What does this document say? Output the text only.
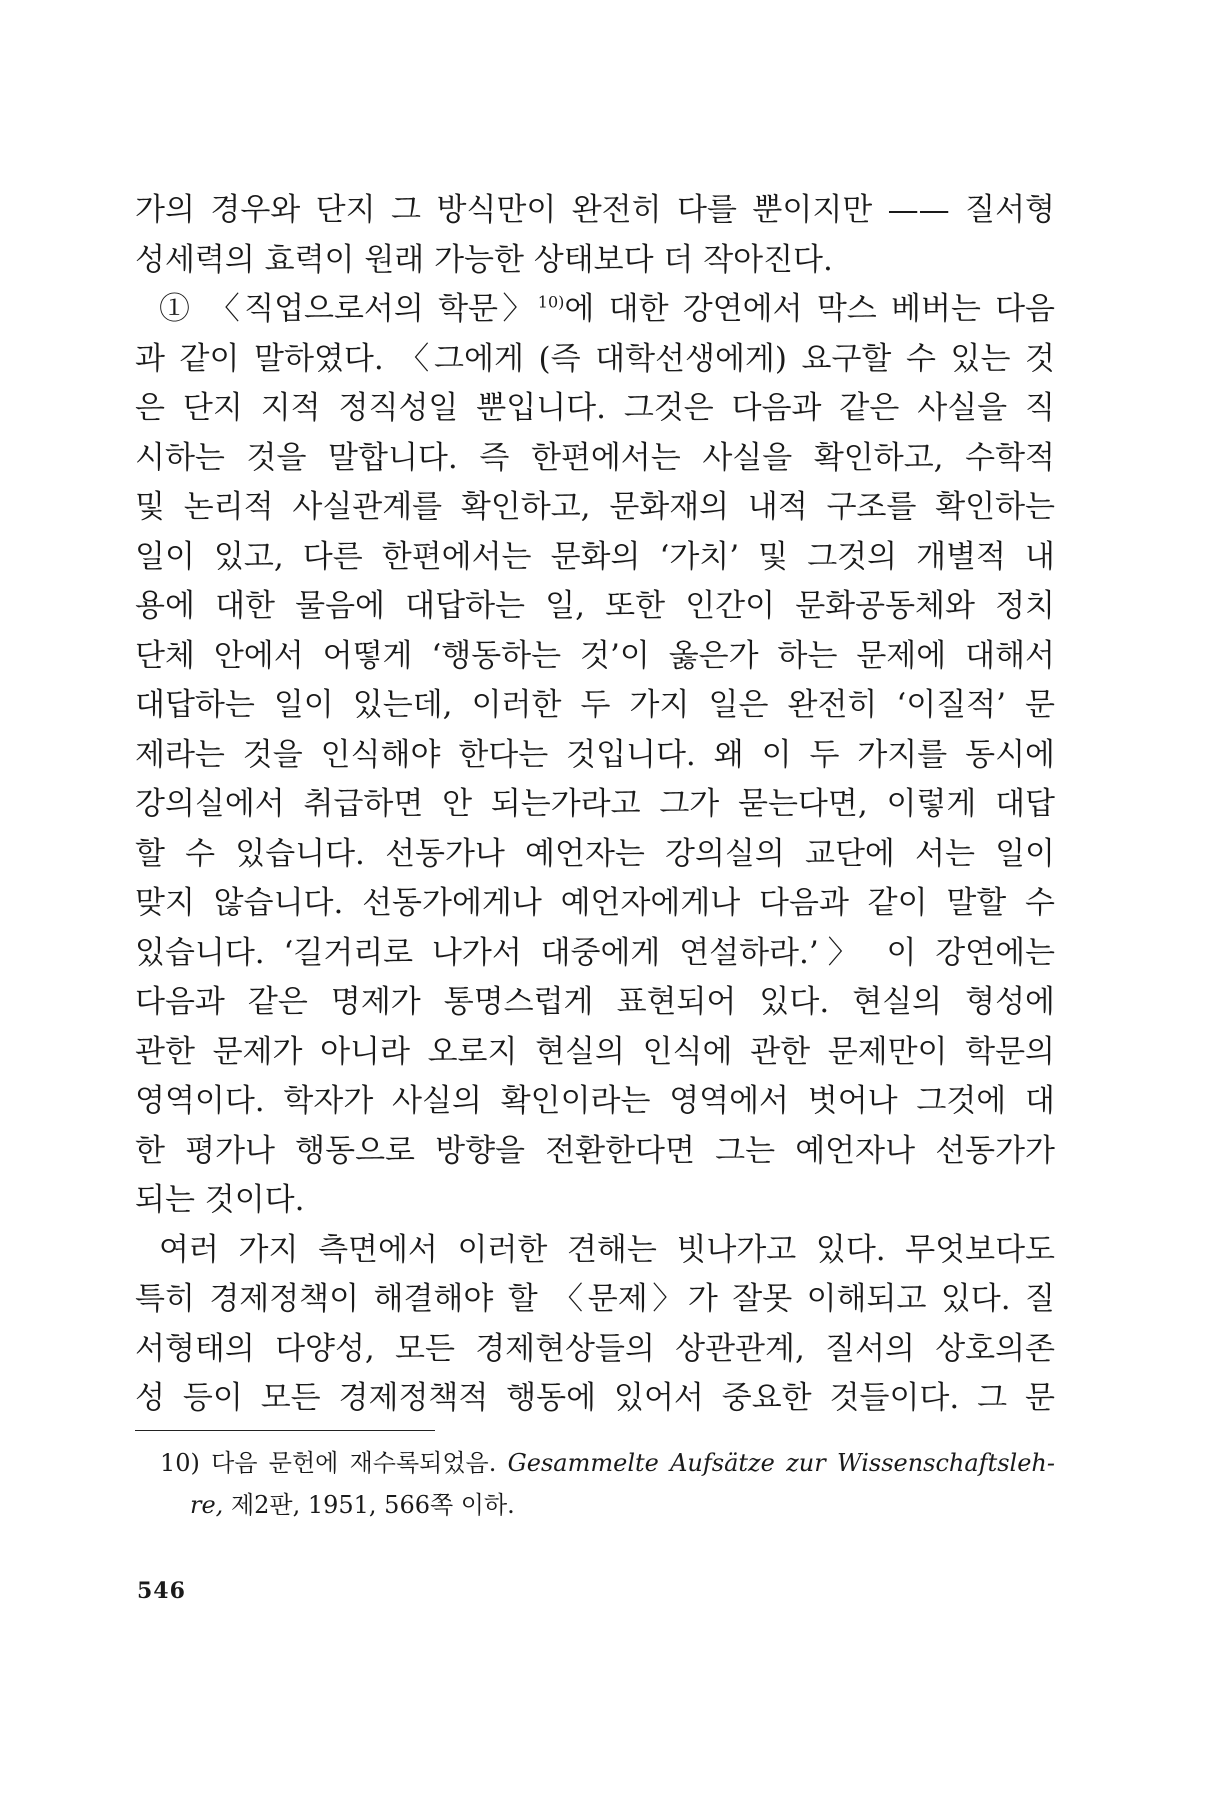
가의 경우와 단지 그 방식만이 완전히 다를 뿐이지만 —— 질서형
성세력의 효력이 원래 가능한 상태보다 더 작아진다.
① 〈직업으로서의 학문〉$^{10)}$에 대한 강연에서 막스 베버는 다음
과 같이 말하였다. 〈그에게 (즉 대학선생에게) 요구할 수 있는 것
은 단지 지적 정직성일 뿐입니다. 그것은 다음과 같은 사실을 직
시하는 것을 말합니다. 즉 한편에서는 사실을 확인하고, 수학적
및 논리적 사실관계를 확인하고, 문화재의 내적 구조를 확인하는
일이 있고, 다른 한편에서는 문화의 ‘가치’ 및 그것의 개별적 내
용에 대한 물음에 대답하는 일, 또한 인간이 문화공동체와 정치
단체 안에서 어떻게 ‘행동하는 것’이 옳은가 하는 문제에 대해서
대답하는 일이 있는데, 이러한 두 가지 일은 완전히 ‘이질적’ 문
제라는 것을 인식해야 한다는 것입니다. 왜 이 두 가지를 동시에
강의실에서 취급하면 안 되는가라고 그가 묻는다면, 이렇게 대답
할 수 있습니다. 선동가나 예언자는 강의실의 교단에 서는 일이
맞지 않습니다. 선동가에게나 예언자에게나 다음과 같이 말할 수
있습니다. ‘길거리로 나가서 대중에게 연설하라.’〉 이 강연에는
다음과 같은 명제가 통명스럽게 표현되어 있다. 현실의 형성에
관한 문제가 아니라 오로지 현실의 인식에 관한 문제만이 학문의
영역이다. 학자가 사실의 확인이라는 영역에서 벗어나 그것에 대
한 평가나 행동으로 방향을 전환한다면 그는 예언자나 선동가가
되는 것이다.
여러 가지 측면에서 이러한 견해는 빗나가고 있다. 무엇보다도
특히 경제정책이 해결해야 할 〈문제〉가 잘못 이해되고 있다. 질
서형태의 다양성, 모든 경제현상들의 상관관계, 질서의 상호의존
성 등이 모든 경제정책적 행동에 있어서 중요한 것들이다. 그 문
10) 다음 문헌에 재수록되었음. Gesammelte Aufsätze zur Wissenschaftsleh-
re, 제2판, 1951, 566쪽 이하.
546
